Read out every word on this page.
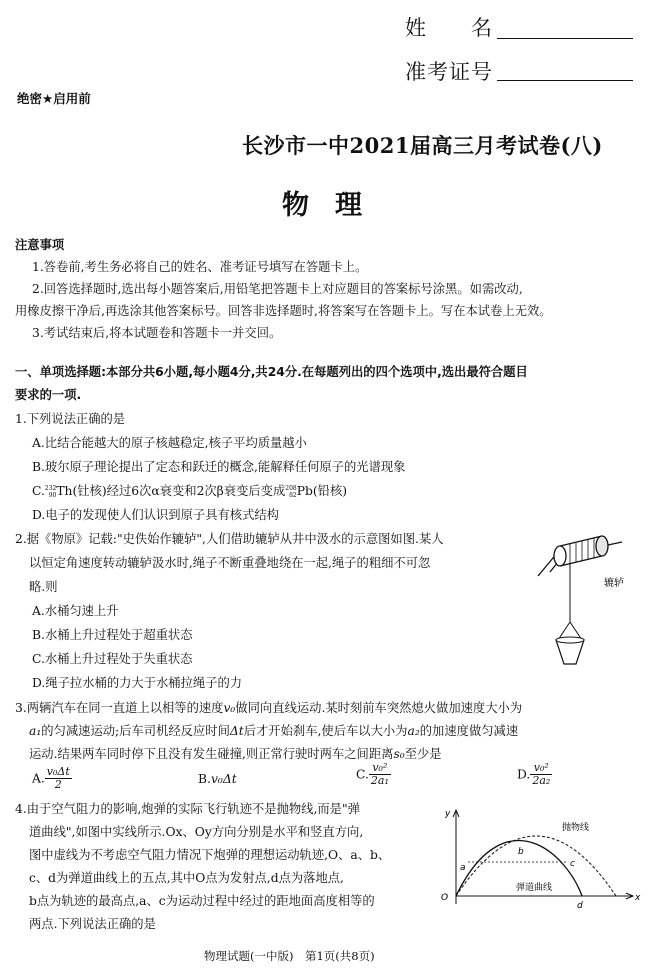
姓　　名
准考证号
绝密★启用前
长沙市一中2021届高三月考试卷(八)
物理
注意事项
1.答卷前,考生务必将自己的姓名、准考证号填写在答题卡上。
2.回答选择题时,选出每小题答案后,用铅笔把答题卡上对应题目的答案标号涂黑。如需改动,
用橡皮擦干净后,再选涂其他答案标号。回答非选择题时,将答案写在答题卡上。写在本试卷上无效。
3.考试结束后,将本试题卷和答题卡一并交回。
一、单项选择题:本部分共6小题,每小题4分,共24分.在每题列出的四个选项中,选出最符合题目
要求的一项.
1.下列说法正确的是
A.比结合能越大的原子核越稳定,核子平均质量越小
B.玻尔原子理论提出了定态和跃迁的概念,能解释任何原子的光谱现象
C. 232
90 Th(钍核)经过6次α衰变和2次β衰变后变成 208
82 Pb(铅核)
D.电子的发现使人们认识到原子具有核式结构
2.据《物原》记载:"史佚始作辘轳",人们借助辘轳从井中汲水的示意图如图.某人
以恒定角速度转动辘轳汲水时,绳子不断重叠地绕在一起,绳子的粗细不可忽
略.则
A.水桶匀速上升
B.水桶上升过程处于超重状态
C.水桶上升过程处于失重状态
D.绳子拉水桶的力大于水桶拉绳子的力
辘轳
3.两辆汽车在同一直道上以相等的速度v₀做同向直线运动.某时刻前车突然熄火做加速度大小为
a₁的匀减速运动;后车司机经反应时间Δt后才开始刹车,使后车以大小为a₂的加速度做匀减速
运动.结果两车同时停下且没有发生碰撞,则正常行驶时两车之间距离s₀至少是
A. $\frac{\text{v₀Δt}}{2}$	B.v₀Δt	C. $\frac{\text{v₀²}}{\text{2a₁}}$	D. $\frac{\text{v₀²}}{\text{2a₂}}$
4.由于空气阻力的影响,炮弹的实际飞行轨迹不是抛物线,而是"弹
道曲线",如图中实线所示.Ox、Oy方向分别是水平和竖直方向,
图中虚线为不考虑空气阻力情况下炮弹的理想运动轨迹,O、a、b、
c、d为弹道曲线上的五点,其中O点为发射点,d点为落地点,
b点为轨迹的最高点,a、c为运动过程中经过的距地面高度相等的
两点.下列说法正确的是
y
x
O
抛物线
弹道曲线
a
b
c
d
物理试题(一中版)　第1页(共8页)
